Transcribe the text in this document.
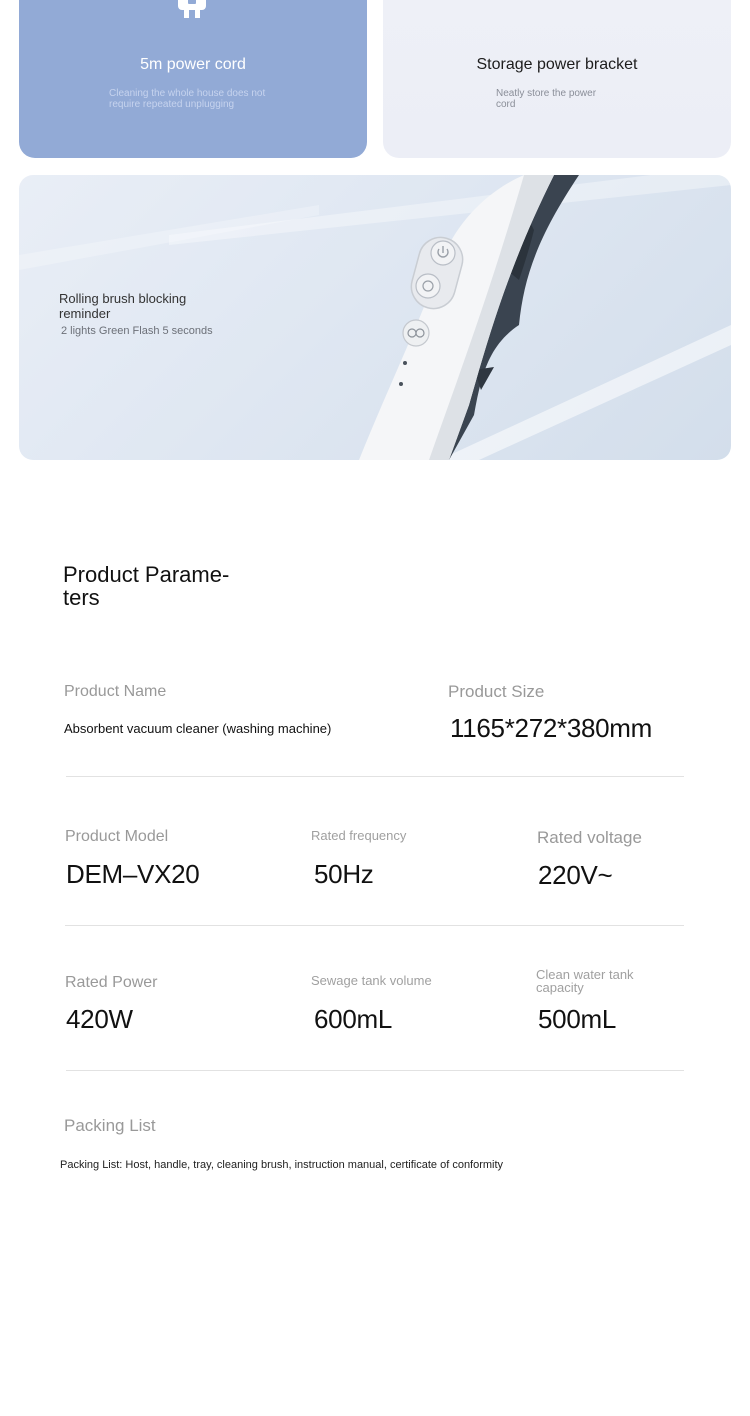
5m power cord
Cleaning the whole house does not require repeated unplugging
Storage power bracket
Neatly store the power cord
Rolling brush blocking reminder
2 lights Green Flash 5 seconds
Product Parame- ters
Product Name
Absorbent vacuum cleaner (washing machine)
Product Size
1165*272*380mm
Product Model
DEM–VX20
Rated frequency
50Hz
Rated voltage
220V~
Rated Power
420W
Sewage tank volume
600mL
Clean water tank capacity
500mL
Packing List
Packing List: Host, handle, tray, cleaning brush, instruction manual, certificate of conformity
